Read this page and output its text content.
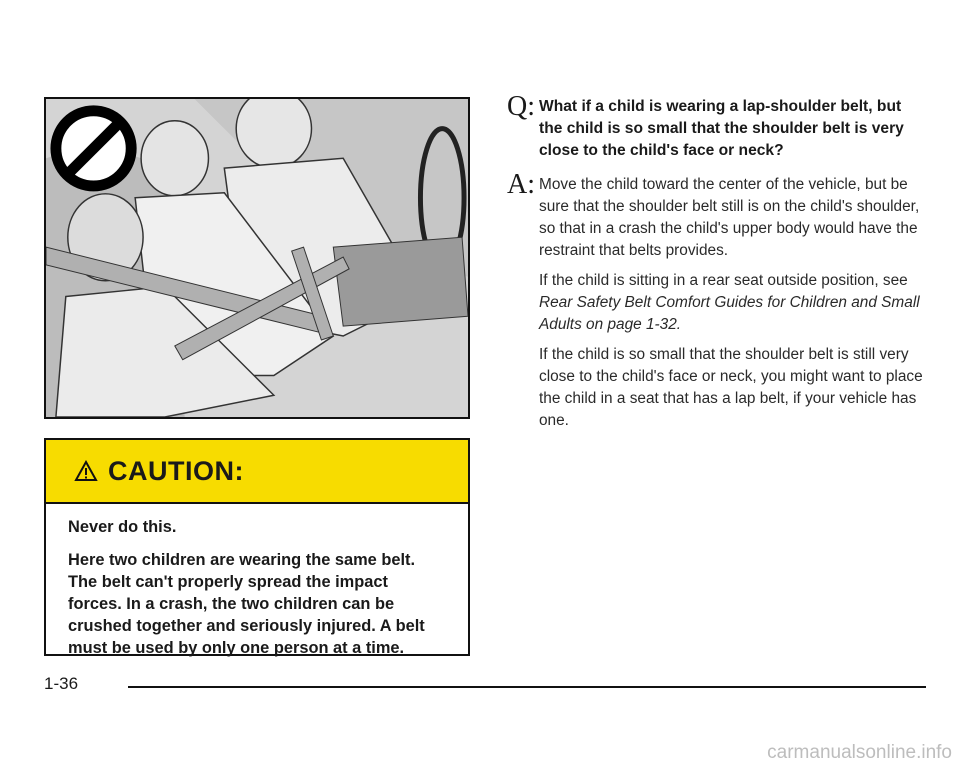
CAUTION:

Never do this.

Here two children are wearing the same belt. The belt can't properly spread the impact forces. In a crash, the two children can be crushed together and seriously injured. A belt must be used by only one person at a time.

Q: What if a child is wearing a lap-shoulder belt, but the child is so small that the shoulder belt is very close to the child's face or neck?
A: Move the child toward the center of the vehicle, but be sure that the shoulder belt still is on the child's shoulder, so that in a crash the child's upper body would have the restraint that belts provides.

If the child is sitting in a rear seat outside position, see Rear Safety Belt Comfort Guides for Children and Small Adults on page 1-32.

If the child is so small that the shoulder belt is still very close to the child's face or neck, you might want to place the child in a seat that has a lap belt, if your vehicle has one.

1-36
carmanualsonline.info
